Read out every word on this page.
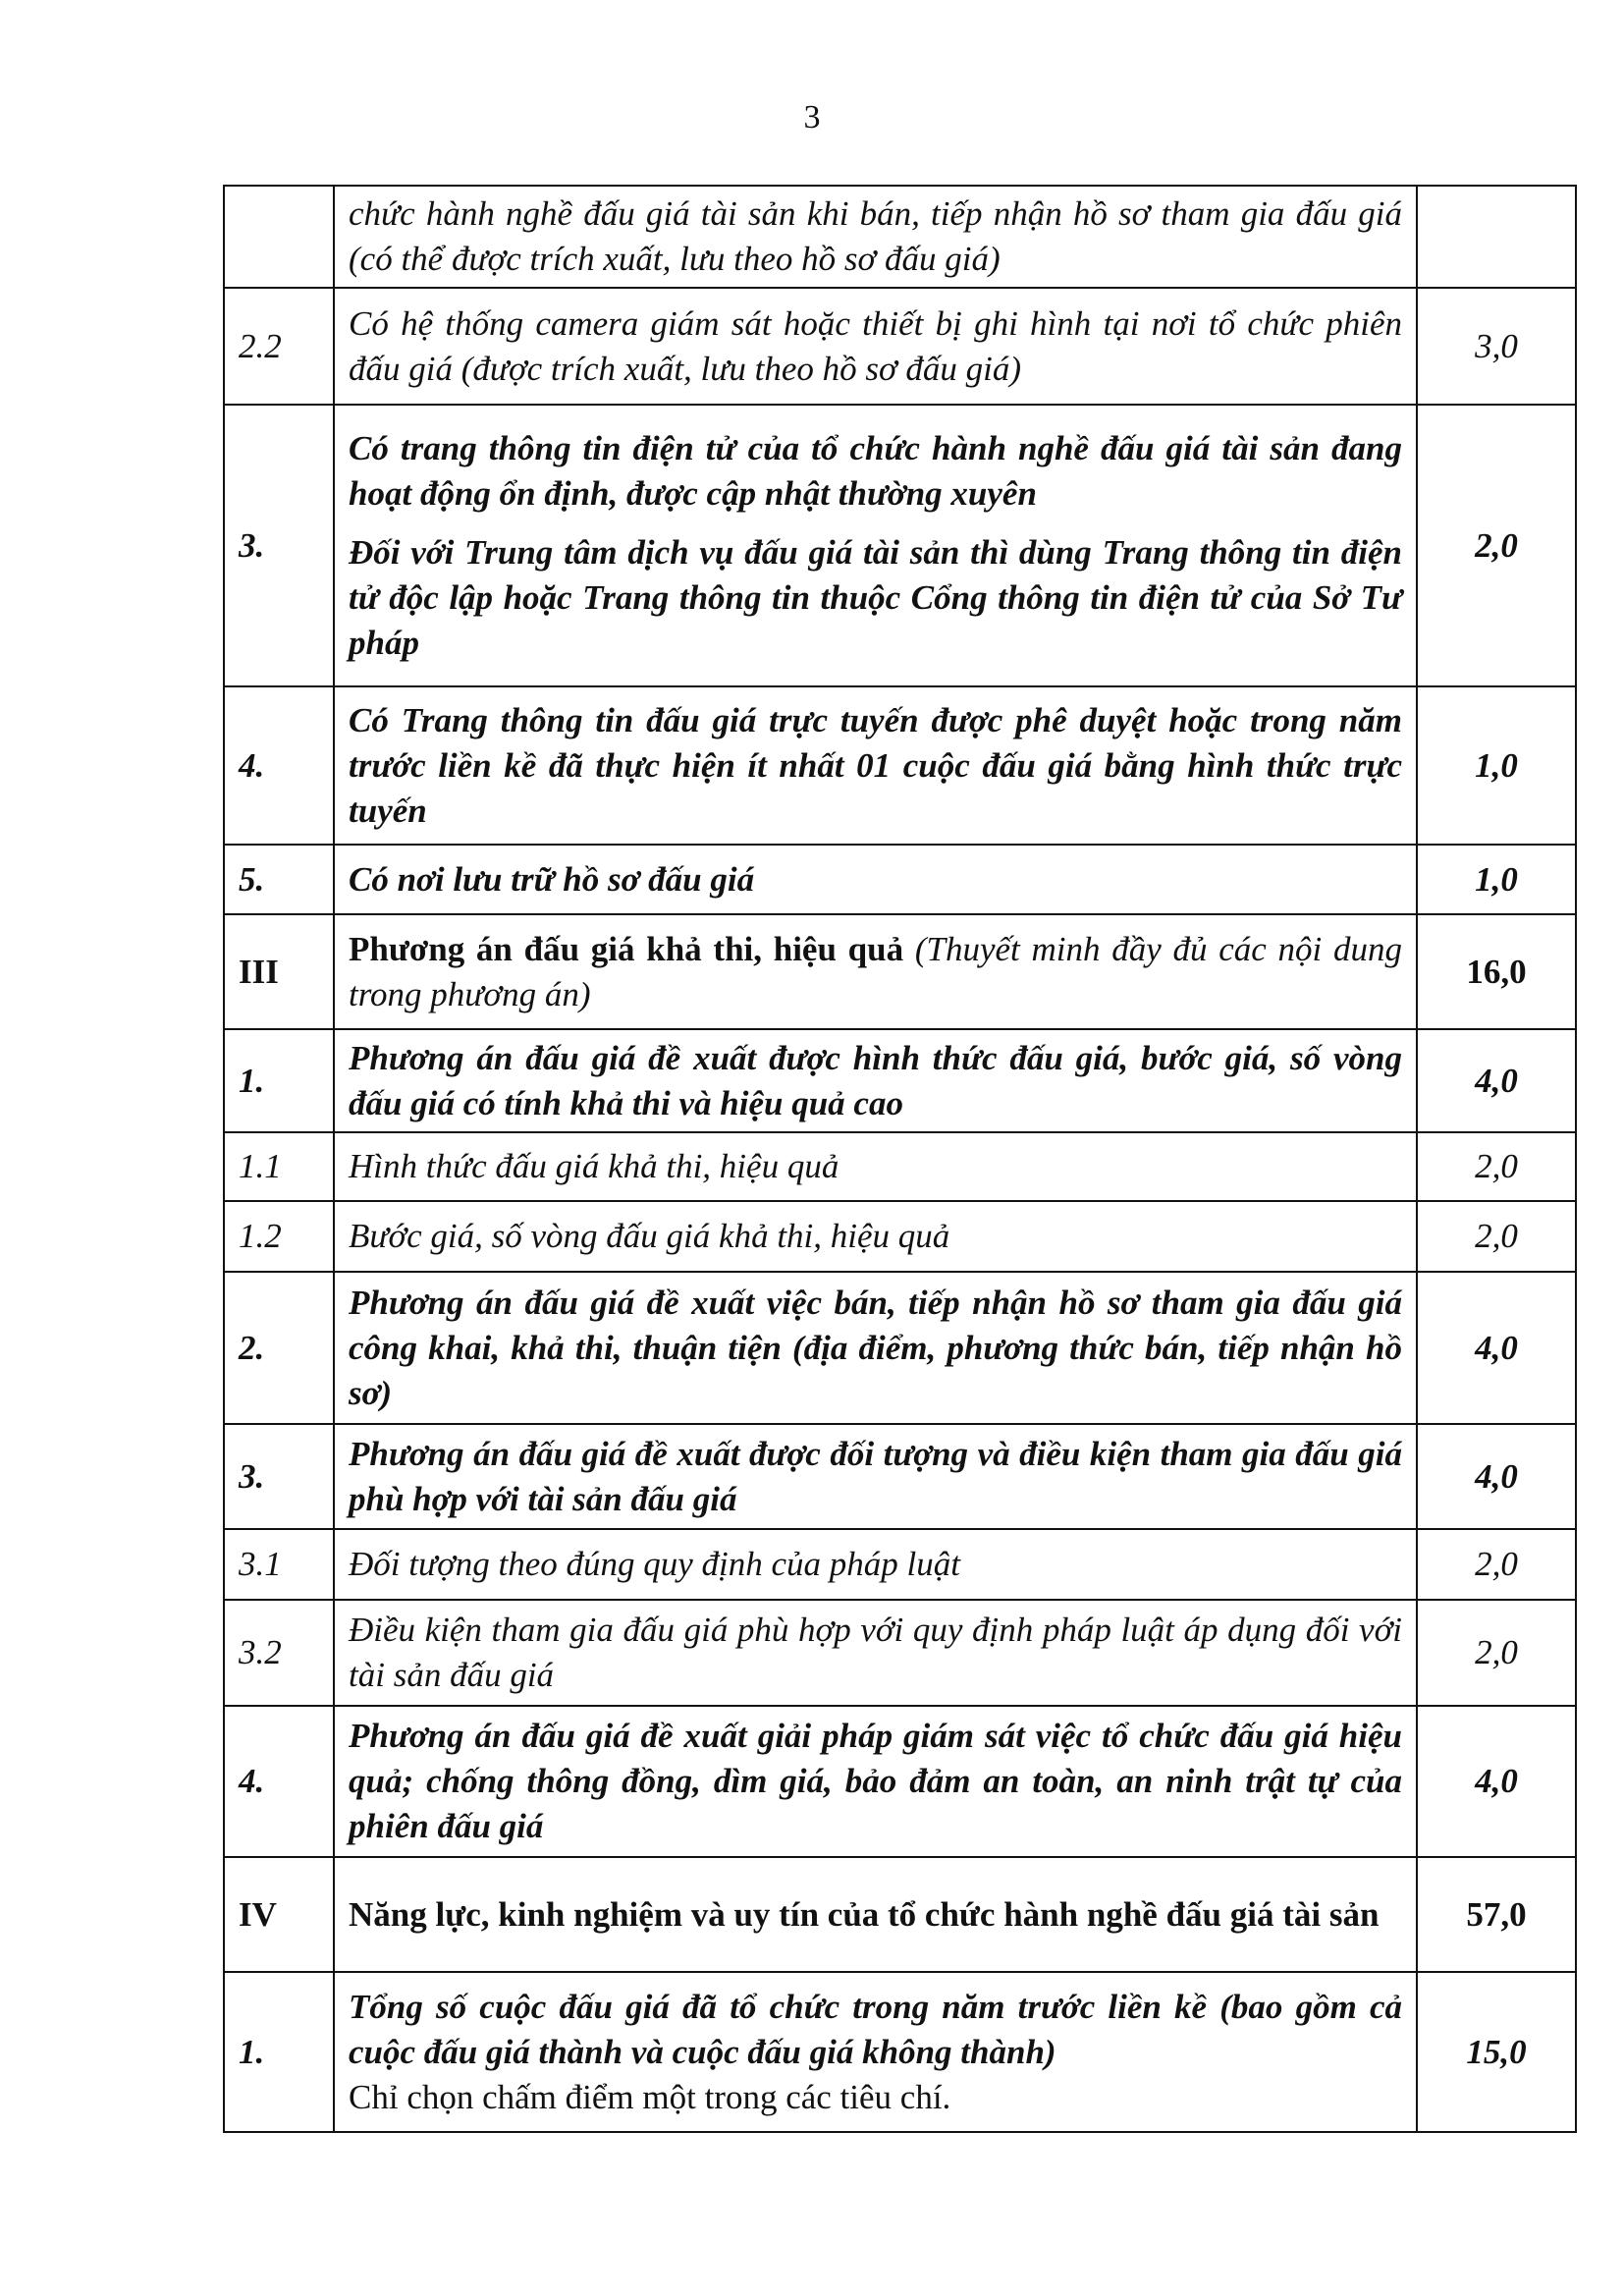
3
	chức hành nghề đấu giá tài sản khi bán, tiếp nhận hồ sơ tham gia đấu giá (có thể được trích xuất, lưu theo hồ sơ đấu giá)	
2.2	Có hệ thống camera giám sát hoặc thiết bị ghi hình tại nơi tổ chức phiên đấu giá (được trích xuất, lưu theo hồ sơ đấu giá)	3,0
3.	Có trang thông tin điện tử của tổ chức hành nghề đấu giá tài sản đang hoạt động ổn định, được cập nhật thường xuyên
Đối với Trung tâm dịch vụ đấu giá tài sản thì dùng Trang thông tin điện tử độc lập hoặc Trang thông tin thuộc Cổng thông tin điện tử của Sở Tư pháp	2,0
4.	Có Trang thông tin đấu giá trực tuyến được phê duyệt hoặc trong năm trước liền kề đã thực hiện ít nhất 01 cuộc đấu giá bằng hình thức trực tuyến	1,0
5.	Có nơi lưu trữ hồ sơ đấu giá	1,0
III	Phương án đấu giá khả thi, hiệu quả (Thuyết minh đầy đủ các nội dung trong phương án)	16,0
1.	Phương án đấu giá đề xuất được hình thức đấu giá, bước giá, số vòng đấu giá có tính khả thi và hiệu quả cao	4,0
1.1	Hình thức đấu giá khả thi, hiệu quả	2,0
1.2	Bước giá, số vòng đấu giá khả thi, hiệu quả	2,0
2.	Phương án đấu giá đề xuất việc bán, tiếp nhận hồ sơ tham gia đấu giá công khai, khả thi, thuận tiện (địa điểm, phương thức bán, tiếp nhận hồ sơ)	4,0
3.	Phương án đấu giá đề xuất được đối tượng và điều kiện tham gia đấu giá phù hợp với tài sản đấu giá	4,0
3.1	Đối tượng theo đúng quy định của pháp luật	2,0
3.2	Điều kiện tham gia đấu giá phù hợp với quy định pháp luật áp dụng đối với tài sản đấu giá	2,0
4.	Phương án đấu giá đề xuất giải pháp giám sát việc tổ chức đấu giá hiệu quả; chống thông đồng, dìm giá, bảo đảm an toàn, an ninh trật tự của phiên đấu giá	4,0
IV	Năng lực, kinh nghiệm và uy tín của tổ chức hành nghề đấu giá tài sản	57,0
1.	Tổng số cuộc đấu giá đã tổ chức trong năm trước liền kề (bao gồm cả cuộc đấu giá thành và cuộc đấu giá không thành)
Chỉ chọn chấm điểm một trong các tiêu chí.	15,0
